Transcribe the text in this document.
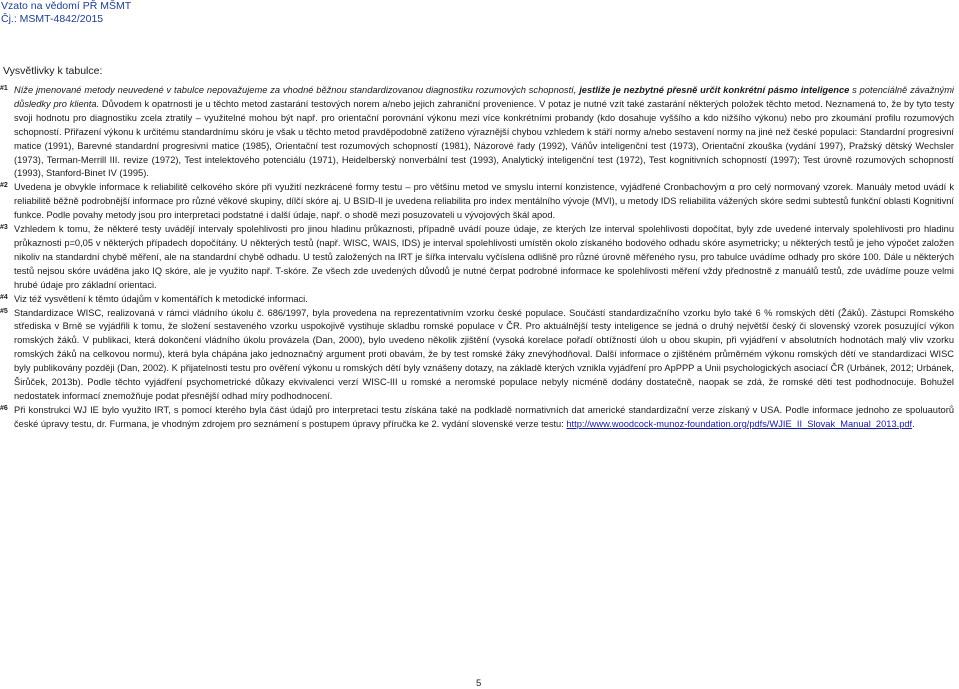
Vzato na vědomí PŘ MŠMT
Čj.: MSMT-4842/2015
Vysvětlivky k tabulce:
#1 Níže jmenované metody neuvedené v tabulce nepovažujeme za vhodné běžnou standardizovanou diagnostiku rozumových schopností, jestliže je nezbytné přesně určit konkrétní pásmo inteligence s potenciálně závažnými důsledky pro klienta. Důvodem k opatrnosti je u těchto metod zastarání testových norem a/nebo jejich zahraniční provenience. V potaz je nutné vzít také zastarání některých položek těchto metod. Neznamená to, že by tyto testy svoji hodnotu pro diagnostiku zcela ztratily – využitelné mohou být např. pro orientační porovnání výkonu mezi více konkrétními probandy (kdo dosahuje vyššího a kdo nižšího výkonu) nebo pro zkoumání profilu rozumových schopností. Přiřazení výkonu k určitému standardnímu skóru je však u těchto metod pravděpodobně zatíženo výraznější chybou vzhledem k stáří normy a/nebo sestavení normy na jiné než české populaci: Standardní progresivní matice (1991), Barevné standardní progresivní matice (1985), Orientační test rozumových schopností (1981), Názorové řady (1992), Váňův inteligenční test (1973), Orientační zkouška (vydání 1997), Pražský dětský Wechsler (1973), Terman-Merrill III. revize (1972), Test intelektového potenciálu (1971), Heidelberský nonverbální test (1993), Analytický inteligenční test (1972), Test kognitivních schopností (1997); Test úrovně rozumových schopností (1993), Stanford-Binet IV (1995).
#2 Uvedena je obvykle informace k reliabilitě celkového skóre při využití nezkrácené formy testu – pro většinu metod ve smyslu interní konzistence, vyjádřené Cronbachovým α pro celý normovaný vzorek. Manuály metod uvádí k reliabilitě běžně podrobnější informace pro různé věkové skupiny, dílčí skóre aj. U BSID-II je uvedena reliabilita pro index mentálního vývoje (MVI), u metody IDS reliabilita vážených skóre sedmi subtestů funkční oblasti Kognitivní funkce. Podle povahy metody jsou pro interpretaci podstatné i další údaje, např. o shodě mezi posuzovateli u vývojových škál apod.
#3 Vzhledem k tomu, že některé testy uvádějí intervaly spolehlivosti pro jinou hladinu průkaznosti, případně uvádí pouze údaje, ze kterých lze interval spolehlivosti dopočítat, byly zde uvedené intervaly spolehlivosti pro hladinu průkaznosti p=0,05 v některých případech dopočítány. U některých testů (např. WISC, WAIS, IDS) je interval spolehlivosti umístěn okolo získaného bodového odhadu skóre asymetricky; u některých testů je jeho výpočet založen nikoliv na standardní chybě měření, ale na standardní chybě odhadu. U testů založených na IRT je šířka intervalu vyčíslena odlišně pro různé úrovně měřeného rysu, pro tabulce uvádíme odhady pro skóre 100. Dále u některých testů nejsou skóre uváděna jako IQ skóre, ale je využito např. T-skóre. Ze všech zde uvedených důvodů je nutné čerpat podrobné informace ke spolehlivosti měření vždy přednostně z manuálů testů, zde uvádíme pouze velmi hrubé údaje pro základní orientaci.
#4 Viz též vysvětlení k těmto údajům v komentářích k metodické informaci.
#5 Standardizace WISC, realizovaná v rámci vládního úkolu č. 686/1997, byla provedena na reprezentativním vzorku české populace. Součástí standardizačního vzorku bylo také 6 % romských dětí (Žáků). Zástupci Romského střediska v Brně se vyjádřili k tomu, že složení sestaveného vzorku uspokojivě vystihuje skladbu romské populace v ČR. Pro aktuálnější testy inteligence se jedná o druhý největší český či slovenský vzorek posuzující výkon romských žáků. V publikaci, která dokončení vládního úkolu provázela (Dan, 2000), bylo uvedeno několik zjištění (vysoká korelace pořadí obtížností úloh u obou skupin, při vyjádření v absolutních hodnotách malý vliv vzorku romských žáků na celkovou normu), která byla chápána jako jednoznačný argument proti obavám, že by test romské žáky znevýhodňoval. Další informace o zjištěném průměrném výkonu romských dětí ve standardizaci WISC byly publikovány později (Dan, 2002). K přijatelnosti testu pro ověření výkonu u romských dětí byly vznášeny dotazy, na základě kterých vznikla vyjádření pro ApPPP a Unii psychologických asociací ČR (Urbánek, 2012; Urbánek, Širůček, 2013b). Podle těchto vyjádření psychometrické důkazy ekvivalenci verzí WISC-III u romské a neromské populace nebyly nicméně dodány dostatečně, naopak se zdá, že romské děti test podhodnocuje. Bohužel nedostatek informací znemožňuje podat přesnější odhad míry podhodnocení.
#6 Při konstrukci WJ IE bylo využito IRT, s pomocí kterého byla část údajů pro interpretaci testu získána také na podkladě normativních dat americké standardizační verze získaný v USA. Podle informace jednoho ze spoluautorů české úpravy testu, dr. Furmana, je vhodným zdrojem pro seznámení s postupem úpravy příručka ke 2. vydání slovenské verze testu: http://www.woodcock-munoz-foundation.org/pdfs/WJIE_II_Slovak_Manual_2013.pdf.
5
